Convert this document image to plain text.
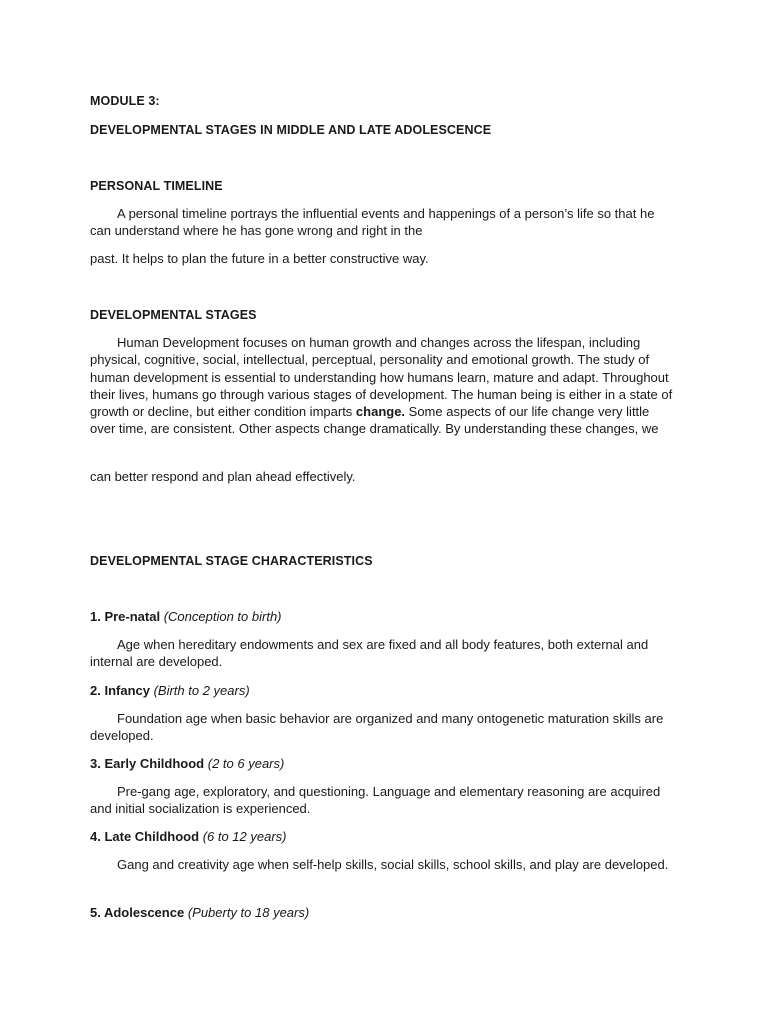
MODULE 3:

DEVELOPMENTAL STAGES IN MIDDLE AND LATE ADOLESCENCE

PERSONAL TIMELINE

A personal timeline portrays the influential events and happenings of a person’s life so that he can understand where he has gone wrong and right in the

past. It helps to plan the future in a better constructive way.

DEVELOPMENTAL STAGES

Human Development focuses on human growth and changes across the lifespan, including physical, cognitive, social, intellectual, perceptual, personality and emotional growth. The study of human development is essential to understanding how humans learn, mature and adapt. Throughout their lives, humans go through various stages of development. The human being is either in a state of growth or decline, but either condition imparts change. Some aspects of our life change very little over time, are consistent. Other aspects change dramatically. By understanding these changes, we

can better respond and plan ahead effectively.

DEVELOPMENTAL STAGE CHARACTERISTICS

1. Pre-natal (Conception to birth)

Age when hereditary endowments and sex are fixed and all body features, both external and internal are developed.

2. Infancy (Birth to 2 years)

Foundation age when basic behavior are organized and many ontogenetic maturation skills are developed.

3. Early Childhood (2 to 6 years)

Pre-gang age, exploratory, and questioning. Language and elementary reasoning are acquired and initial socialization is experienced.

4. Late Childhood (6 to 12 years)

Gang and creativity age when self-help skills, social skills, school skills, and play are developed.

5. Adolescence (Puberty to 18 years)
